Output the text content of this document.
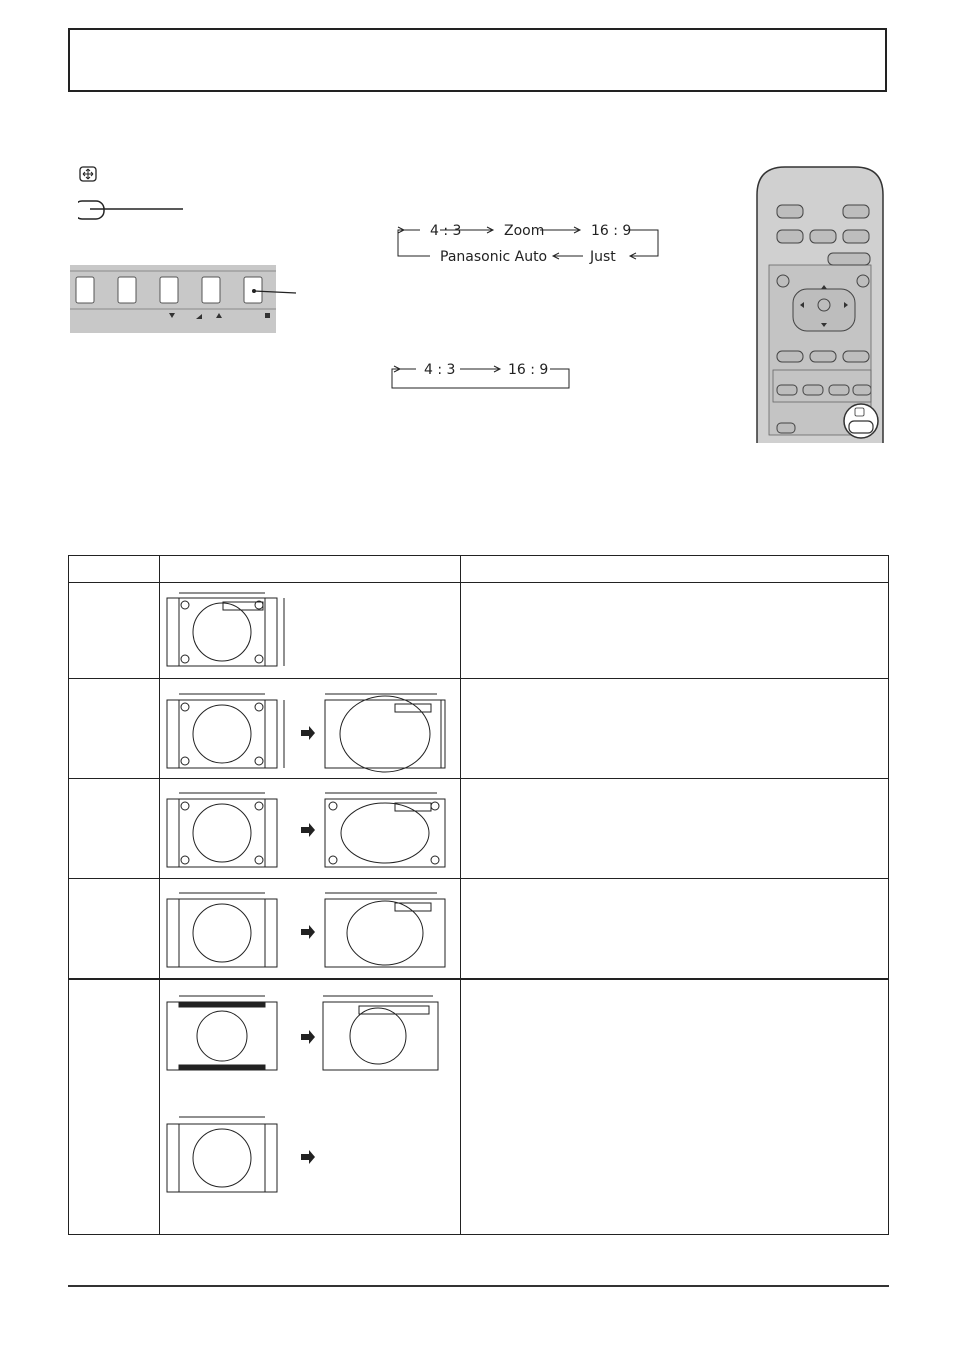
4 : 3	Zoom	16 : 9
Just
Panasonic Auto
4 : 3	16 : 9
